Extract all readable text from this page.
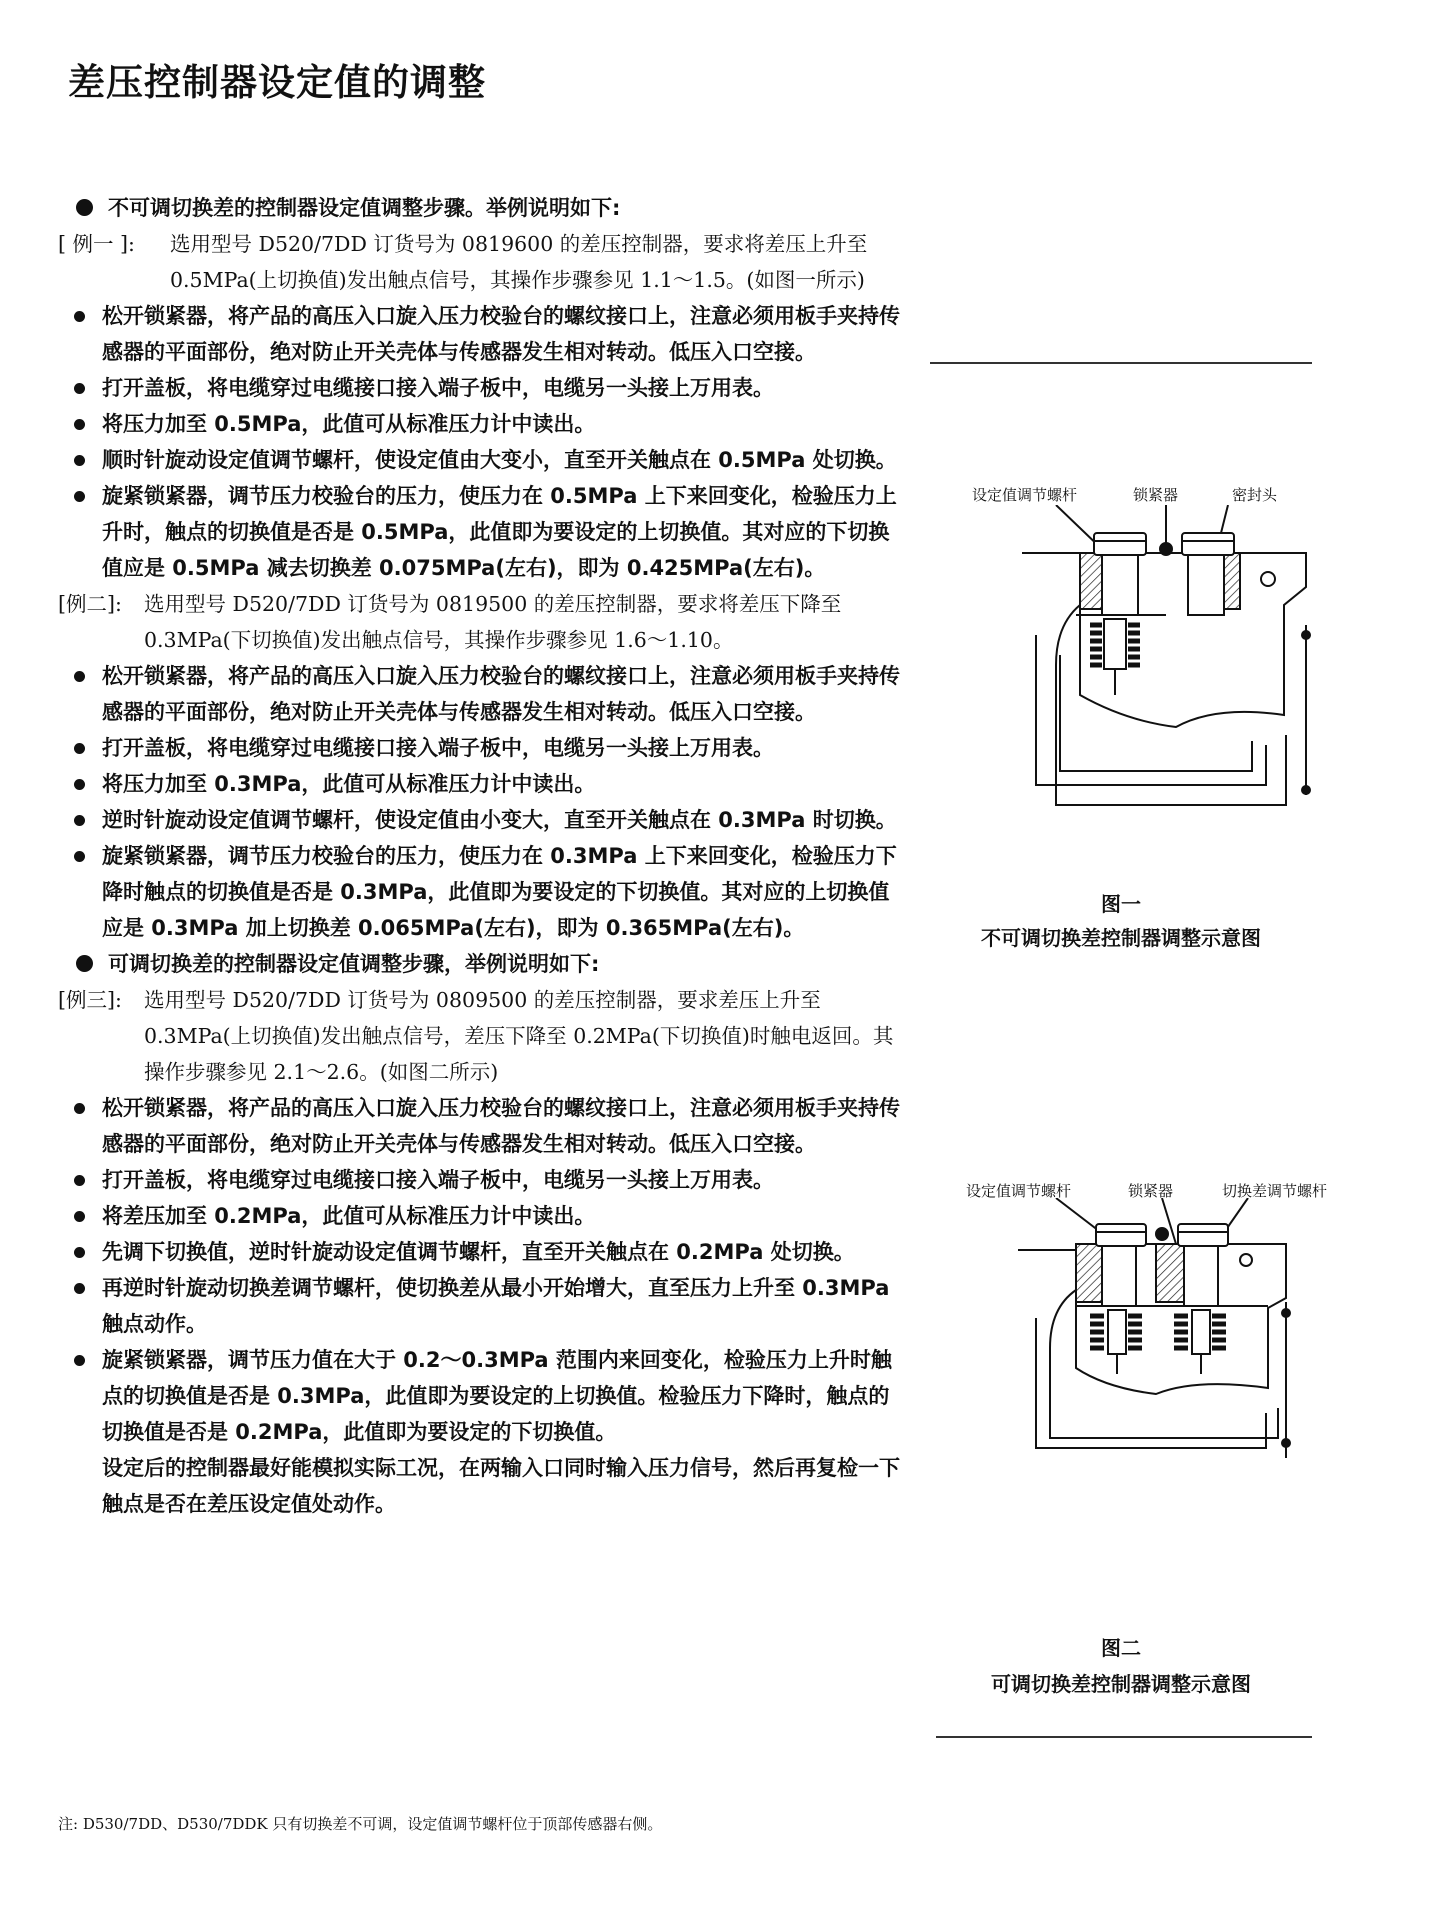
差压控制器设定值的调整
不可调切换差的控制器设定值调整步骤。举例说明如下:
[ 例一 ]: 选用型号 D520/7DD 订货号为 0819600 的差压控制器，要求将差压上升至 0.5MPa(上切换值)发出触点信号，其操作步骤参见 1.1～1.5。(如图一所示)
松开锁紧器，将产品的高压入口旋入压力校验台的螺纹接口上，注意必须用板手夹持传感器的平面部份，绝对防止开关壳体与传感器发生相对转动。低压入口空接。
打开盖板，将电缆穿过电缆接口接入端子板中，电缆另一头接上万用表。
将压力加至 0.5MPa，此值可从标准压力计中读出。
顺时针旋动设定值调节螺杆，使设定值由大变小，直至开关触点在 0.5MPa 处切换。
旋紧锁紧器，调节压力校验台的压力，使压力在 0.5MPa 上下来回变化，检验压力上升时，触点的切换值是否是 0.5MPa，此值即为要设定的上切换值。其对应的下切换值应是 0.5MPa 减去切换差 0.075MPa(左右)，即为 0.425MPa(左右)。
[例二]: 选用型号 D520/7DD 订货号为 0819500 的差压控制器，要求将差压下降至 0.3MPa(下切换值)发出触点信号，其操作步骤参见 1.6～1.10。
松开锁紧器，将产品的高压入口旋入压力校验台的螺纹接口上，注意必须用板手夹持传感器的平面部份，绝对防止开关壳体与传感器发生相对转动。低压入口空接。
打开盖板，将电缆穿过电缆接口接入端子板中，电缆另一头接上万用表。
将压力加至 0.3MPa，此值可从标准压力计中读出。
逆时针旋动设定值调节螺杆，使设定值由小变大，直至开关触点在 0.3MPa 时切换。
旋紧锁紧器，调节压力校验台的压力，使压力在 0.3MPa 上下来回变化，检验压力下降时触点的切换值是否是 0.3MPa，此值即为要设定的下切换值。其对应的上切换值应是 0.3MPa 加上切换差 0.065MPa(左右)，即为 0.365MPa(左右)。
可调切换差的控制器设定值调整步骤，举例说明如下:
[例三]: 选用型号 D520/7DD 订货号为 0809500 的差压控制器，要求差压上升至 0.3MPa(上切换值)发出触点信号，差压下降至 0.2MPa(下切换值)时触电返回。其操作步骤参见 2.1～2.6。(如图二所示)
松开锁紧器，将产品的高压入口旋入压力校验台的螺纹接口上，注意必须用板手夹持传感器的平面部份，绝对防止开关壳体与传感器发生相对转动。低压入口空接。
打开盖板，将电缆穿过电缆接口接入端子板中，电缆另一头接上万用表。
将差压加至 0.2MPa，此值可从标准压力计中读出。
先调下切换值，逆时针旋动设定值调节螺杆，直至开关触点在 0.2MPa 处切换。
再逆时针旋动切换差调节螺杆，使切换差从最小开始增大，直至压力上升至 0.3MPa 触点动作。
旋紧锁紧器，调节压力值在大于 0.2～0.3MPa 范围内来回变化，检验压力上升时触点的切换值是否是 0.3MPa，此值即为要设定的上切换值。检验压力下降时，触点的切换值是否是 0.2MPa，此值即为要设定的下切换值。
设定后的控制器最好能模拟实际工况，在两输入口同时输入压力信号，然后再复检一下触点是否在差压设定值处动作。
注: D530/7DD、D530/7DDK 只有切换差不可调，设定值调节螺杆位于顶部传感器右侧。
设定值调节螺杆	锁紧器	密封头
图一
不可调切换差控制器调整示意图
设定值调节螺杆	锁紧器	切换差调节螺杆
图二
可调切换差控制器调整示意图
